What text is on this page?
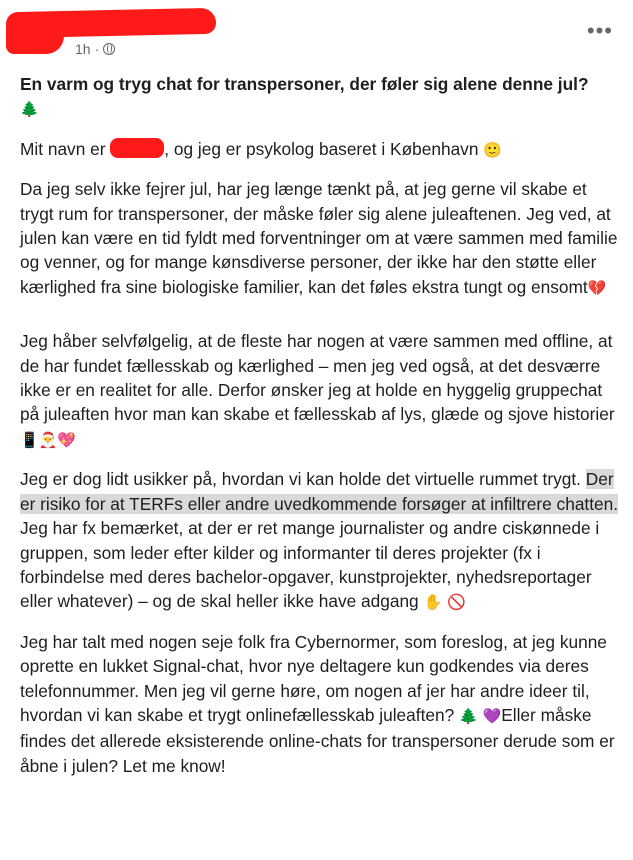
1h ·
•••

En varm og tryg chat for transpersoner, der føler sig alene denne jul?
🌲

Mit navn er	, og jeg er psykolog baseret i København 🙂

Da jeg selv ikke fejrer jul, har jeg længe tænkt på, at jeg gerne vil skabe et trygt rum for transpersoner, der måske føler sig alene juleaftenen. Jeg ved, at julen kan være en tid fyldt med forventninger om at være sammen med familie og venner, og for mange kønsdiverse personer, der ikke har den støtte eller kærlighed fra sine biologiske familier, kan det føles ekstra tungt og ensomt💔

Jeg håber selvfølgelig, at de fleste har nogen at være sammen med offline, at de har fundet fællesskab og kærlighed – men jeg ved også, at det desværre ikke er en realitet for alle. Derfor ønsker jeg at holde en hyggelig gruppechat på juleaften hvor man kan skabe et fællesskab af lys, glæde og sjove historier 📱🎅💖

Jeg er dog lidt usikker på, hvordan vi kan holde det virtuelle rummet trygt. Der er risiko for at TERFs eller andre uvedkommende forsøger at infiltrere chatten. Jeg har fx bemærket, at der er ret mange journalister og andre ciskønnede i gruppen, som leder efter kilder og informanter til deres projekter (fx i forbindelse med deres bachelor-opgaver, kunstprojekter, nyhedsreportager eller whatever) – og de skal heller ikke have adgang ✋ 🚫

Jeg har talt med nogen seje folk fra Cybernormer, som foreslog, at jeg kunne oprette en lukket Signal-chat, hvor nye deltagere kun godkendes via deres telefonnummer. Men jeg vil gerne høre, om nogen af jer har andre ideer til, hvordan vi kan skabe et trygt onlinefællesskab juleaften? 🌲 💜Eller måske findes det allerede eksisterende online-chats for transpersoner derude som er åbne i julen? Let me know!
